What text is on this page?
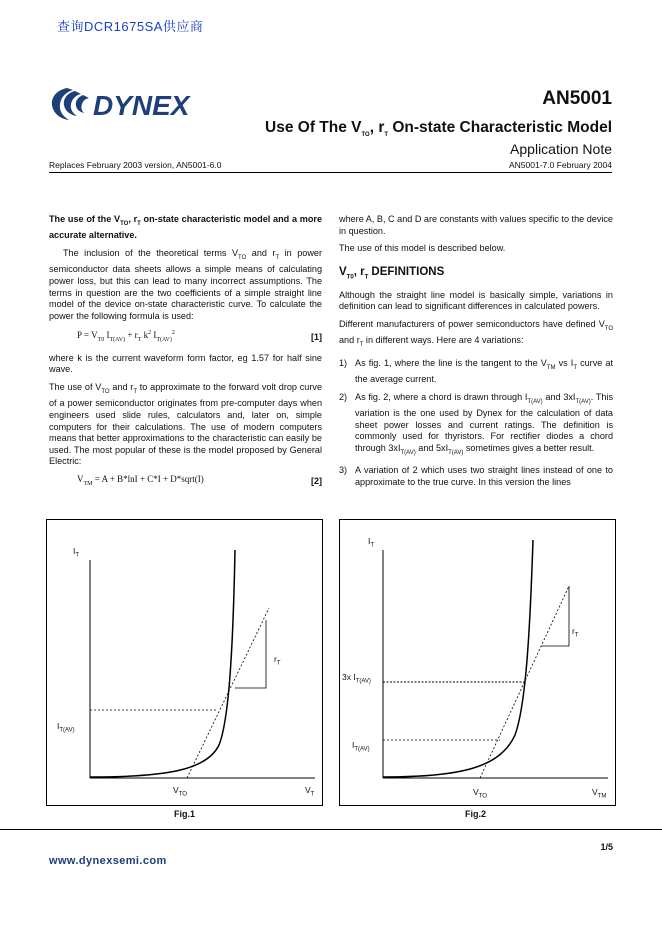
查询DCR1675SA供应商
DYNEX	AN5001
Use Of The $V_{TO}$, $r_T$ On-state Characteristic Model
Application Note
Replaces February 2003 version, AN5001-6.0	AN5001-7.0 February 2004

The use of the $V_{TO}$, $r_T$ on-state characteristic model and a more accurate alternative.

The inclusion of the theoretical terms $V_{TO}$ and $r_T$ in power semiconductor data sheets allows a simple means of calculating power loss, but this can lead to many incorrect assumptions. The terms in question are the two coefficients of a simple straight line model of the device on-state characteristic curve. To calculate the power the following formula is used:

$P = V_{T0}$ $I_{T(AV)} + r_T$ $k^2$ $I_{T(AV)}^2$	[1]

where k is the current waveform form factor, eg 1.57 for half sine wave.

The use of $V_{TO}$ and $r_T$ to approximate to the forward volt drop curve of a power semiconductor originates from pre-computer days when engineers used slide rules, calculators and, later on, simple computers for their calculations. The use of modern computers means that better approximations to the characteristic can easily be used. The most popular of these is the model proposed by General Electric:

$V_{TM} = A + B*\ln I + C*I$ + D*sqrt(I)	[2]

where A, B, C and D are constants with values specific to the device in question.

The use of this model is described below.

$V_{T0}$, $r_T$ DEFINITIONS

Although the straight line model is basically simple, variations in definition can lead to significant differences in calculated powers.

Different manufacturers of power semiconductors have defined $V_{TO}$ and $r_T$ in different ways. Here are 4 variations:

1) As fig. 1, where the line is the tangent to the $V_{TM}$ vs $I_T$ curve at the average current.
2) As fig. 2, where a chord is drawn through $I_{T(AV)}$ and $3xI_{T(AV)}$. This variation is the one used by Dynex for the calculation of data sheet power losses and current ratings. The definition is commonly used for thyristors. For rectifier diodes a chord through $3xI_{T(AV)}$ and $5xI_{T(AV)}$ sometimes gives a better result.
3) A variation of 2 which uses two straight lines instead of one to approximate to the true curve. In this version the lines
$I_T$
$I_{T(AV)}$
$r_T$
$V_{TO}$	$V_T$
Fig.1
$I_T$
3x $I_{T(AV)}$
$I_{T(AV)}$
$r_T$
$V_{TO}$	$V_{TM}$
Fig.2
1/5
www.dynexsemi.com
